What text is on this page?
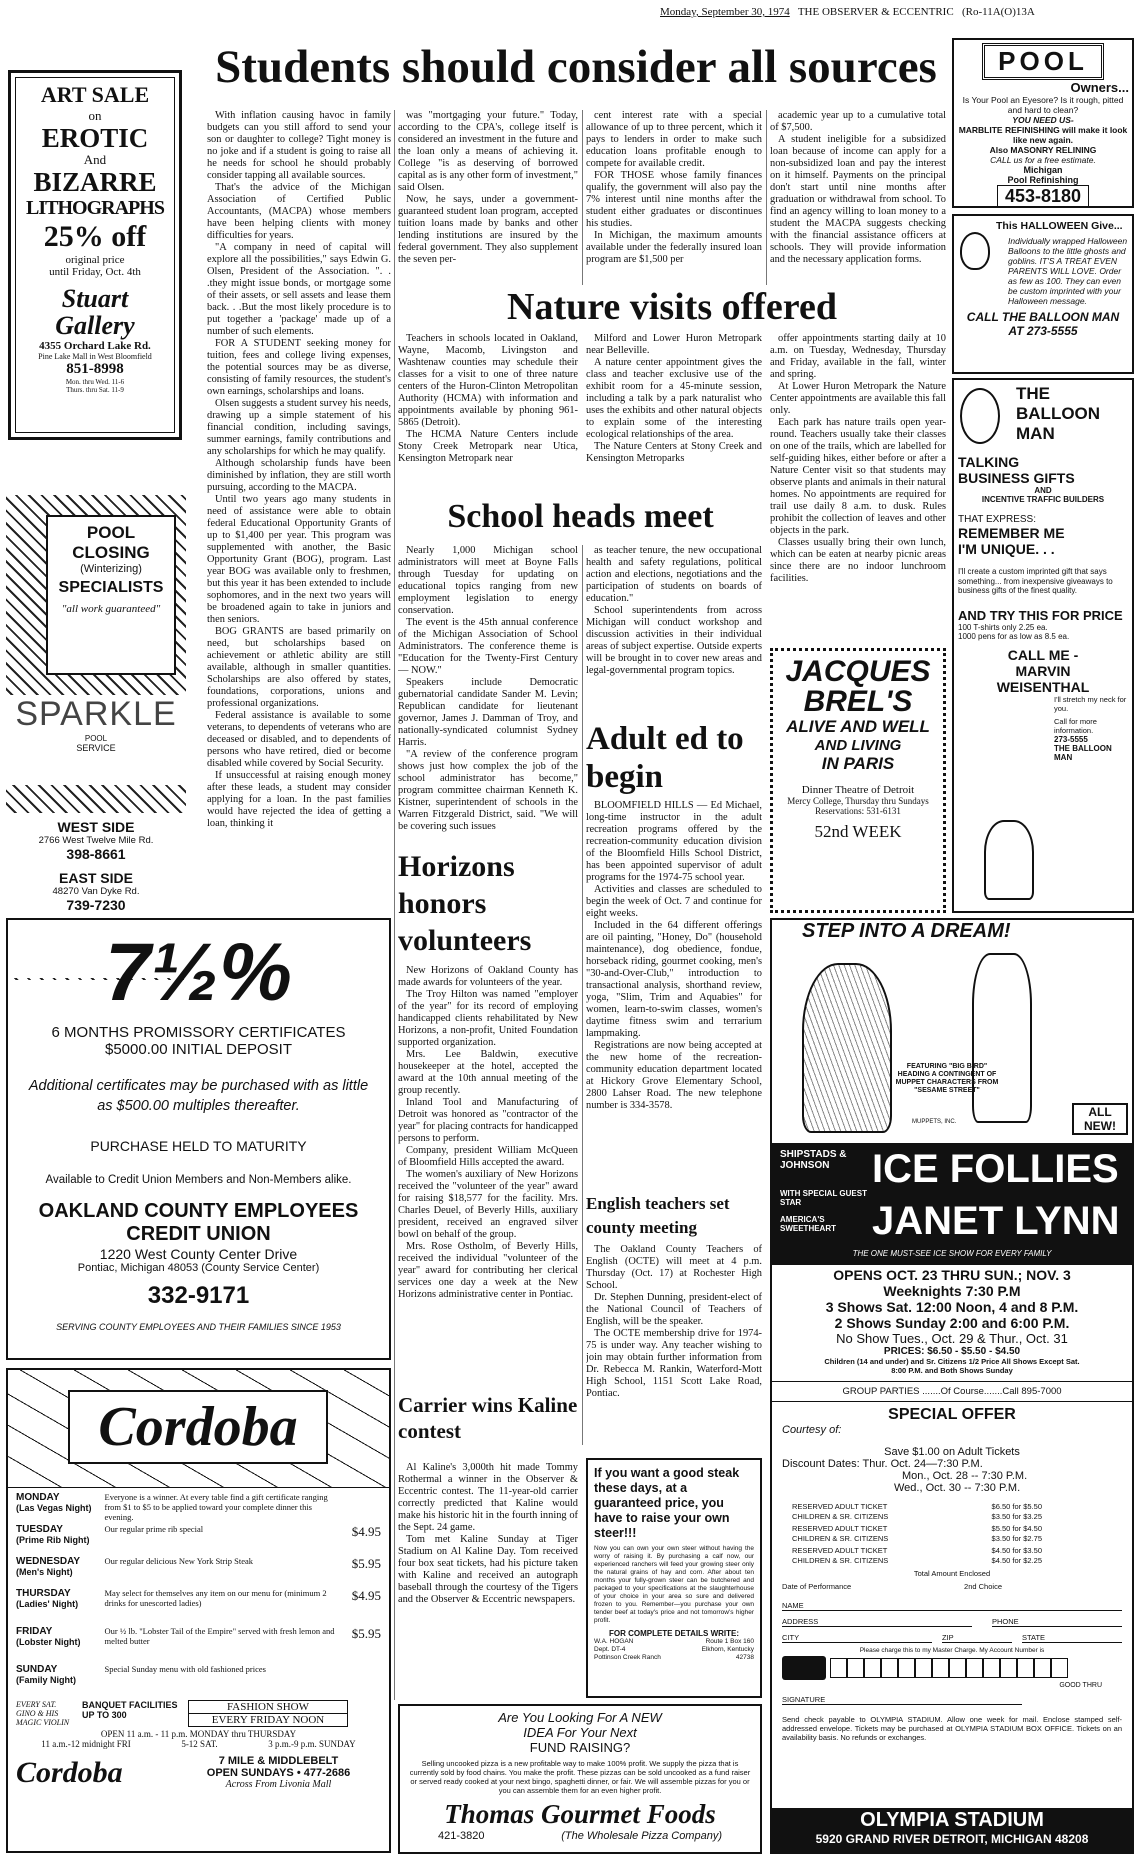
Monday, September 30, 1974 THE OBSERVER & ECCENTRIC (Ro-11A(O)13A
Students should consider all sources

With inflation causing havoc in family budgets can you still afford to send your son or daughter to college? Tight money is no joke and if a student is going to raise all he needs for school he should probably consider tapping all available sources.

That's the advice of the Michigan Association of Certified Public Accountants, (MACPA) whose members have been helping clients with money difficulties for years.

"A company in need of capital will explore all the possibilities," says Edwin G. Olsen, President of the Association. ". . .they might issue bonds, or mortgage some of their assets, or sell assets and lease them back. . .But the most likely procedure is to put together a 'package' made up of a number of such elements.

FOR A STUDENT seeking money for tuition, fees and college living expenses, the potential sources may be as diverse, consisting of family resources, the student's own earnings, scholarships and loans.

Olsen suggests a student survey his needs, drawing up a simple statement of his financial condition, including savings, summer earnings, family contributions and any scholarships for which he may qualify.

Although scholarship funds have been diminished by inflation, they are still worth pursuing, according to the MACPA.

Until two years ago many students in need of assistance were able to obtain federal Educational Opportunity Grants of up to $1,400 per year. This program was supplemented with another, the Basic Opportunity Grant (BOG), program. Last year BOG was available only to freshmen, but this year it has been extended to include sophomores, and in the next two years will be broadened again to take in juniors and then seniors.

BOG GRANTS are based primarily on need, but scholarships based on achievement or athletic ability are still available, although in smaller quantities. Scholarships are also offered by states, foundations, corporations, unions and professional organizations.

Federal assistance is available to some veterans, to dependents of veterans who are deceased or disabled, and to dependents of persons who have retired, died or become disabled while covered by Social Security.

If unsuccessful at raising enough money after these leads, a student may consider applying for a loan. In the past families would have rejected the idea of getting a loan, thinking it

was "mortgaging your future." Today, according to the CPA's, college itself is considered an investment in the future and the loan only a means of achieving it. College "is as deserving of borrowed capital as is any other form of investment," said Olsen.

Now, he says, under a government-guaranteed student loan program, accepted tuition loans made by banks and other lending institutions are insured by the federal government. They also supplement the seven per-

cent interest rate with a special allowance of up to three percent, which it pays to lenders in order to make such education loans profitable enough to compete for available credit.

FOR THOSE whose family finances qualify, the government will also pay the 7% interest until nine months after the student either graduates or discontinues his studies.

In Michigan, the maximum amounts available under the federally insured loan program are $1,500 per

academic year up to a cumulative total of $7,500.

A student ineligible for a subsidized loan because of income can apply for a non-subsidized loan and pay the interest on it himself. Payments on the principal don't start until nine months after graduation or withdrawal from school. To find an agency willing to loan money to a student the MACPA suggests checking with the financial assistance officers at schools. They will provide information and the necessary application forms.

Nature visits offered

Teachers in schools located in Oakland, Wayne, Macomb, Livingston and Washtenaw counties may schedule their classes for a visit to one of three nature centers of the Huron-Clinton Metropolitan Authority (HCMA) with information and appointments available by phoning 961-5865 (Detroit).

The HCMA Nature Centers include Stony Creek Metropark near Utica, Kensington Metropark near

Milford and Lower Huron Metropark near Belleville.

A nature center appointment gives the class and teacher exclusive use of the exhibit room for a 45-minute session, including a talk by a park naturalist who uses the exhibits and other natural objects to explain some of the interesting ecological relationships of the area.

The Nature Centers at Stony Creek and Kensington Metroparks

offer appointments starting daily at 10 a.m. on Tuesday, Wednesday, Thursday and Friday, available in the fall, winter and spring.

At Lower Huron Metropark the Nature Center appointments are available this fall only.

Each park has nature trails open year-round. Teachers usually take their classes on one of the trails, which are labelled for self-guiding hikes, either before or after a Nature Center visit so that students may observe plants and animals in their natural homes. No appointments are required for trail use daily 8 a.m. to dusk. Rules prohibit the collection of leaves and other objects in the park.

Classes usually bring their own lunch, which can be eaten at nearby picnic areas since there are no indoor lunchroom facilities.

School heads meet

Nearly 1,000 Michigan school administrators will meet at Boyne Falls through Tuesday for updating on educational topics ranging from new employment legislation to energy conservation.

The event is the 45th annual conference of the Michigan Association of School Administrators. The conference theme is "Education for the Twenty-First Century — NOW."

Speakers include Democratic gubernatorial candidate Sander M. Levin; Republican candidate for lieutenant governor, James J. Damman of Troy, and nationally-syndicated columnist Sydney Harris.

"A review of the conference program shows just how complex the job of the school administrator has become," program committee chairman Kenneth K. Kistner, superintendent of schools in the Warren Fitzgerald District, said. "We will be covering such issues

as teacher tenure, the new occupational health and safety regulations, political action and elections, negotiations and the participation of students on boards of education."

School superintendents from across Michigan will conduct workshop and discussion activities in their individual areas of subject expertise. Outside experts will be brought in to cover new areas and legal-governmental program topics.

Adult ed to begin

BLOOMFIELD HILLS — Ed Michael, long-time instructor in the adult recreation programs offered by the recreation-community education division of the Bloomfield Hills School District, has been appointed supervisor of adult programs for the 1974-75 school year.

Activities and classes are scheduled to begin the week of Oct. 7 and continue for eight weeks.

Included in the 64 different offerings are oil painting, "Honey, Do" (household maintenance), dog obedience, fondue, horseback riding, gourmet cooking, men's "30-and-Over-Club," introduction to transactional analysis, shorthand review, yoga, "Slim, Trim and Aquabies" for women, learn-to-swim classes, women's daytime fitness swim and terrarium lampmaking.

Registrations are now being accepted at the new home of the recreation-community education department located at Hickory Grove Elementary School, 2800 Lahser Road. The new telephone number is 334-3578.

Horizons honors volunteers

New Horizons of Oakland County has made awards for volunteers of the year.

The Troy Hilton was named "employer of the year" for its record of employing handicapped clients rehabilitated by New Horizons, a non-profit, United Foundation supported organization.

Mrs. Lee Baldwin, executive housekeeper at the hotel, accepted the award at the 10th annual meeting of the group recently.

Inland Tool and Manufacturing of Detroit was honored as "contractor of the year" for placing contracts for handicapped persons to perform.

Company, president William McQueen of Bloomfield Hills accepted the award.

The women's auxiliary of New Horizons received the "volunteer of the year" award for raising $18,577 for the facility. Mrs. Charles Deuel, of Beverly Hills, auxiliary president, received an engraved silver bowl on behalf of the group.

Mrs. Rose Ostholm, of Beverly Hills, received the individual "volunteer of the year" award for contributing her clerical services one day a week at the New Horizons administrative center in Pontiac.

English teachers set county meeting

The Oakland County Teachers of English (OCTE) will meet at 4 p.m. Thursday (Oct. 17) at Rochester High School.

Dr. Stephen Dunning, president-elect of the National Council of Teachers of English, will be the speaker.

The OCTE membership drive for 1974-75 is under way. Any teacher wishing to join may obtain further information from Dr. Rebecca M. Rankin, Waterford-Mott High School, 1151 Scott Lake Road, Pontiac.

Carrier wins Kaline contest

Al Kaline's 3,000th hit made Tommy Rothermal a winner in the Observer & Eccentric contest. The 11-year-old carrier correctly predicted that Kaline would make his historic hit in the fourth inning of the Sept. 24 game.

Tom met Kaline Sunday at Tiger Stadium on Al Kaline Day. Tom received four box seat tickets, had his picture taken with Kaline and received an autograph baseball through the courtesy of the Tigers and the Observer & Eccentric newspapers.

ART SALE
on
EROTIC
And
BIZARRE
LITHOGRAPHS
25% off
original price
until Friday, Oct. 4th
Stuart
Gallery
4355 Orchard Lake Rd.
Pine Lake Mall in West Bloomfield
851-8998
Mon. thru Wed. 11-6
Thurs. thru Sat. 11-9
POOL
CLOSING
(Winterizing)
SPECIALISTS
"all work guaranteed"
SPARKLE
POOL
SERVICE
WEST SIDE
2766 West Twelve Mile Rd.
398-8661
EAST SIDE
48270 Van Dyke Rd.
739-7230
POOL
Owners...
Is Your Pool an Eyesore? Is it rough, pitted and hard to clean?
YOU NEED US-
MARBLITE REFINISHING will make it look like new again.
Also MASONRY RELINING
CALL us for a free estimate.
Michigan
Pool Refinishing
453-8180
This HALLOWEEN Give...
Individually wrapped Halloween Balloons to the little ghosts and goblins. IT'S A TREAT EVEN PARENTS WILL LOVE. Order as few as 100. They can even be custom imprinted with your Halloween message.
CALL THE BALLOON MAN AT 273-5555
THE
BALLOON
MAN
TALKING
BUSINESS GIFTS
AND
INCENTIVE TRAFFIC BUILDERS
THAT EXPRESS:
REMEMBER ME
I'M UNIQUE. . .
I'll create a custom imprinted gift that says something... from inexpensive giveaways to business gifts of the finest quality.
AND TRY THIS FOR PRICE
100 T-shirts only 2.25 ea.
1000 pens for as low as 8.5 ea.
CALL ME -
MARVIN
WEISENTHAL
I'll stretch my neck for you.
Call for more information.
273-5555
THE BALLOON MAN
JACQUES
BREL'S
ALIVE AND WELL
AND LIVING
IN PARIS
Dinner Theatre of Detroit
Mercy College, Thursday thru Sundays
Reservations: 531-6131
52nd WEEK
7½%
6 MONTHS PROMISSORY CERTIFICATES
$5000.00 INITIAL DEPOSIT
Additional certificates may be purchased with as little as $500.00 multiples thereafter.
PURCHASE HELD TO MATURITY
Available to Credit Union Members and Non-Members alike.
OAKLAND COUNTY EMPLOYEES
CREDIT UNION
1220 West County Center Drive
Pontiac, Michigan 48053 (County Service Center)
332-9171
SERVING COUNTY EMPLOYEES AND THEIR FAMILIES SINCE 1953
Cordoba
MONDAY
(Las Vegas Night)
Everyone is a winner. At every table find a gift certificate ranging from $1 to $5 to be applied toward your complete dinner this evening.
TUESDAY
(Prime Rib Night)
Our regular prime rib special	$4.95
WEDNESDAY
(Men's Night)
Our regular delicious New York Strip Steak	$5.95
THURSDAY
(Ladies' Night)
May select for themselves any item on our menu for (minimum 2 drinks for unescorted ladies)	$4.95
FRIDAY
(Lobster Night)
Our ½ lb. "Lobster Tail of the Empire" served with fresh lemon and melted butter	$5.95
SUNDAY
(Family Night)
Special Sunday menu with old fashioned prices
EVERY SAT. GINO & HIS MAGIC VIOLIN
BANQUET FACILITIES UP TO 300
FASHION SHOW
EVERY FRIDAY NOON
OPEN 11 a.m. - 11 p.m. MONDAY thru THURSDAY
11 a.m.-12 midnight FRI	5-12 SAT.	3 p.m.-9 p.m. SUNDAY
Cordoba	7 MILE & MIDDLEBELT
OPEN SUNDAYS • 477-2686
Across From Livonia Mall
If you want a good steak these days, at a guaranteed price, you have to raise your own steer!!!
Now you can own your own steer without having the worry of raising it. By purchasing a calf now, our experienced ranchers will feed your growing steer only the natural grains of hay and corn. After about ten months your fully-grown steer can be butchered and packaged to your specifications at the slaughterhouse of your choice in your area so sure and delivered frozen to you. Remember—you purchase your own tender beef at today's price and not tomorrow's higher profit.
FOR COMPLETE DETAILS WRITE:
W.A. HOGAN
Dept. DT-4
Pottinson Creek Ranch
Route 1 Box 160
Elkhorn, Kentucky
42738
Are You Looking For A NEW
IDEA For Your Next
FUND RAISING?
Selling uncooked pizza is a new profitable way to make 100% profit. We supply the pizza that is currently sold by food chains. You make the profit. These pizzas can be sold uncooked as a fund raiser or served ready cooked at your next bingo, spaghetti dinner, or fair. We will assemble pizzas for you or you can assemble them for an even higher profit.
Thomas Gourmet Foods
421-3820	(The Wholesale Pizza Company)
STEP INTO A DREAM!
FEATURING "BIG BIRD" HEADING A CONTINGENT OF MUPPET CHARACTERS FROM "SESAME STREET"
MUPPETS, INC.
ALL NEW!
SHIPSTADS & JOHNSON	ICE FOLLIES
WITH SPECIAL GUEST STAR
AMERICA'S SWEETHEART JANET LYNN
THE ONE MUST-SEE ICE SHOW FOR EVERY FAMILY
OPENS OCT. 23 THRU SUN.; NOV. 3
Weeknights 7:30 P.M
3 Shows Sat. 12:00 Noon, 4 and 8 P.M.
2 Shows Sunday 2:00 and 6:00 P.M.
No Show Tues., Oct. 29 & Thur., Oct. 31
PRICES: $6.50 - $5.50 - $4.50
Children (14 and under) and Sr. Citizens 1/2 Price All Shows Except Sat. 8:00 P.M. and Both Shows Sunday
GROUP PARTIES .......Of Course.......Call 895-7000
SPECIAL OFFER
Courtesy of:
Save $1.00 on Adult Tickets
Discount Dates: Thur. Oct. 24—7:30 P.M.
Mon., Oct. 28 -- 7:30 P.M.
Wed., Oct. 30 -- 7:30 P.M.
RESERVED ADULT TICKET	$6.50 for $5.50
CHILDREN & SR. CITIZENS	$3.50 for $3.25
RESERVED ADULT TICKET	$5.50 for $4.50
CHILDREN & SR. CITIZENS	$3.50 for $2.75
RESERVED ADULT TICKET	$4.50 for $3.50
CHILDREN & SR. CITIZENS	$4.50 for $2.25
Total Amount Enclosed
Date of Performance	2nd Choice
NAME
ADDRESS	PHONE
CITY	ZIP	STATE
Please charge this to my Master Charge. My Account Number is
GOOD THRU
SIGNATURE
Send check payable to OLYMPIA STADIUM. Allow one week for mail. Enclose stamped self-addressed envelope. Tickets may be purchased at OLYMPIA STADIUM BOX OFFICE. Tickets on an availability basis. No refunds or exchanges.
OLYMPIA STADIUM
5920 GRAND RIVER DETROIT, MICHIGAN 48208
